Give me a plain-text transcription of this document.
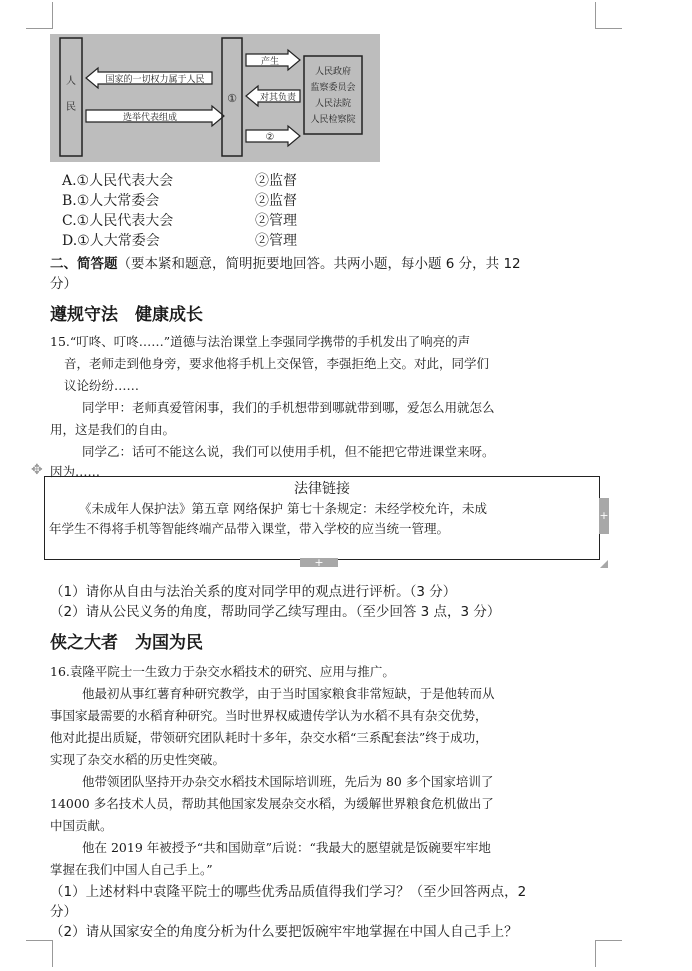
人
民
国家的一切权力属于人民
选举代表组成
①
产生
对其负责
②
人民政府
监察委员会
人民法院
人民检察院
A.①人民代表大会	②监督
B.①人大常委会	②监督
C.①人民代表大会	②管理
D.①人大常委会	②管理
二、简答题（要本紧和题意，简明扼要地回答。共两小题，每小题 6 分，共 12
分）
遵规守法　健康成长
15.“叮咚、叮咚……”道德与法治课堂上李强同学携带的手机发出了响亮的声
音，老师走到他身旁，要求他将手机上交保管，李强拒绝上交。对此，同学们
议论纷纷……
同学甲：老师真爱管闲事，我们的手机想带到哪就带到哪，爱怎么用就怎么
用，这是我们的自由。
同学乙：话可不能这么说，我们可以使用手机，但不能把它带进课堂来呀。
因为……
✥
法律链接
《未成年人保护法》第五章 网络保护 第七十条规定：未经学校允许，未成
年学生不得将手机等智能终端产品带入课堂，带入学校的应当统一管理。
+
+
（1）请你从自由与法治关系的度对同学甲的观点进行评析。（3 分）
（2）请从公民义务的角度，帮助同学乙续写理由。（至少回答 3 点，3 分）
侠之大者　为国为民
16.袁隆平院士一生致力于杂交水稻技术的研究、应用与推广。
他最初从事红薯育种研究教学，由于当时国家粮食非常短缺，于是他转而从
事国家最需要的水稻育种研究。当时世界权威遗传学认为水稻不具有杂交优势，
他对此提出质疑，带领研究团队耗时十多年，杂交水稻“三系配套法”终于成功，
实现了杂交水稻的历史性突破。
他带领团队坚持开办杂交水稻技术国际培训班，先后为 80 多个国家培训了
14000 多名技术人员，帮助其他国家发展杂交水稻，为缓解世界粮食危机做出了
中国贡献。
他在 2019 年被授予“共和国勋章”后说：“我最大的愿望就是饭碗要牢牢地
掌握在我们中国人自己手上。”
（1）上述材料中袁隆平院士的哪些优秀品质值得我们学习？（至少回答两点，2
分）
（2）请从国家安全的角度分析为什么要把饭碗牢牢地掌握在中国人自己手上？
